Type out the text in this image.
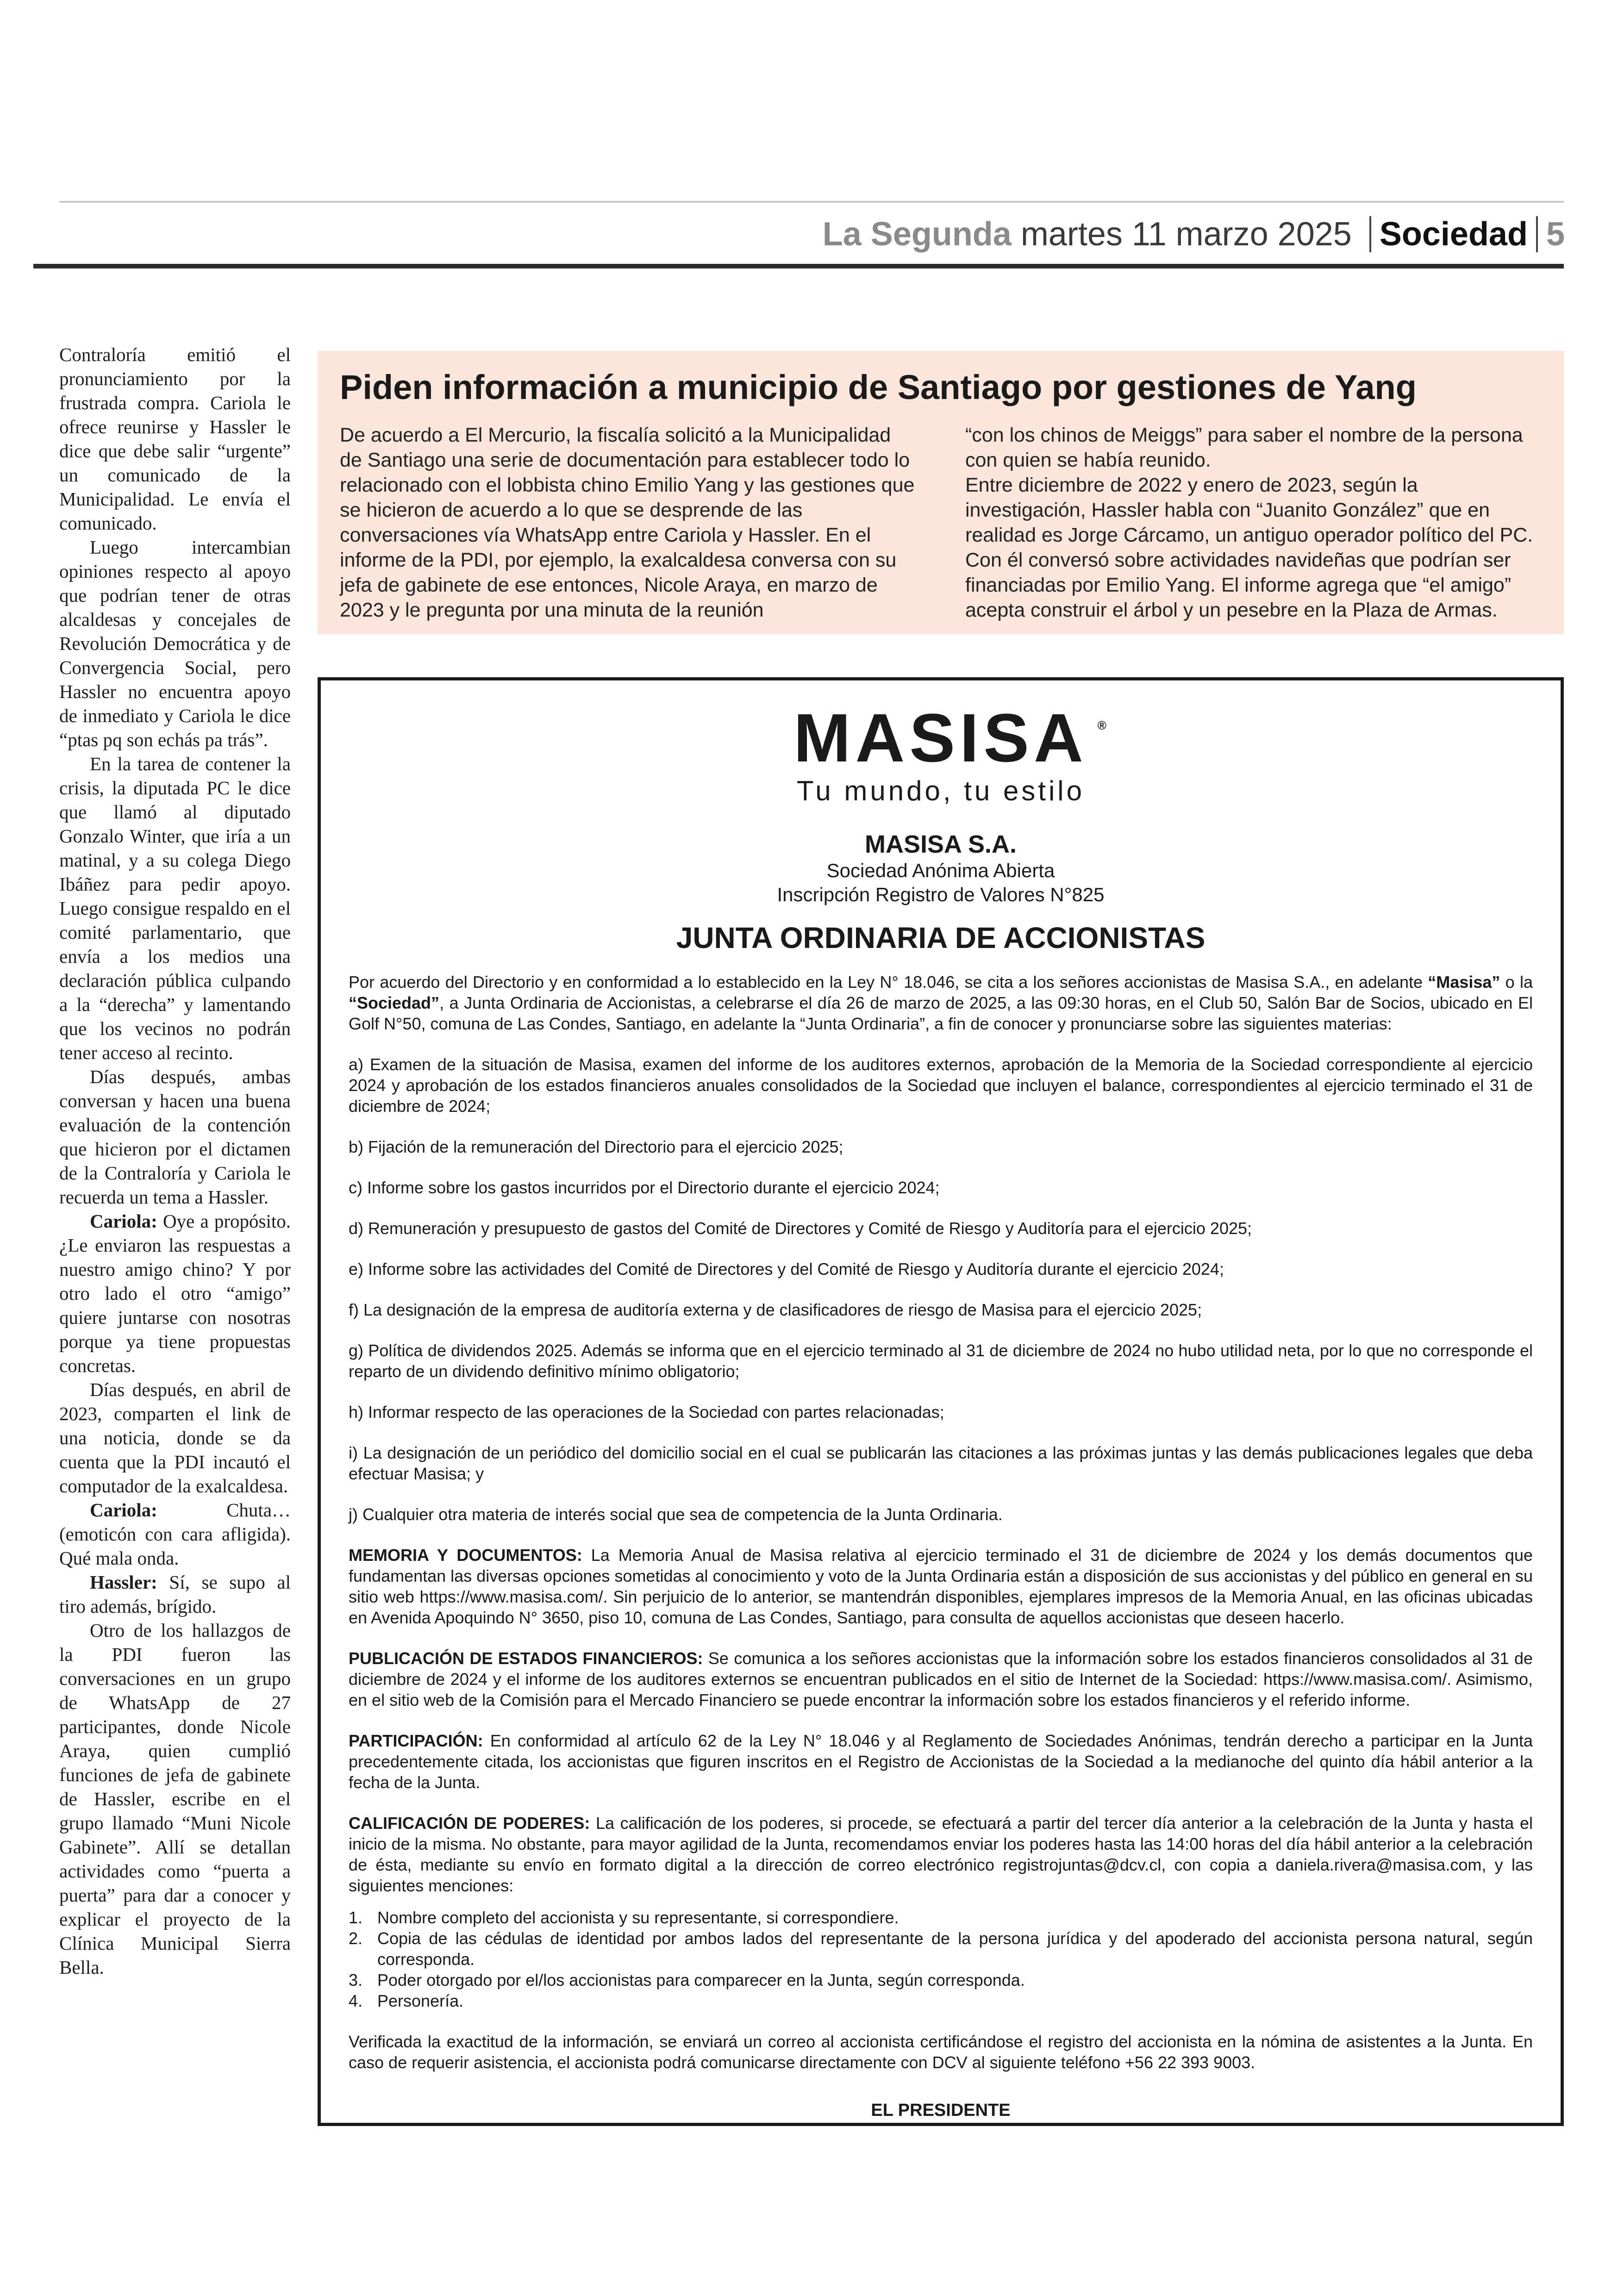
La Segunda martes 11 marzo 2025 Sociedad 5

Contraloría emitió el pronunciamiento por la frustrada compra. Cariola le ofrece reunirse y Hassler le dice que debe salir “urgente” un comunicado de la Municipalidad. Le envía el comunicado.

Luego intercambian opiniones respecto al apoyo que podrían tener de otras alcaldesas y concejales de Revolución Democrática y de Convergencia Social, pero Hassler no encuentra apoyo de inmediato y Cariola le dice “ptas pq son echás pa trás”.

En la tarea de contener la crisis, la diputada PC le dice que llamó al diputado Gonzalo Winter, que iría a un matinal, y a su colega Diego Ibáñez para pedir apoyo. Luego consigue respaldo en el comité parlamentario, que envía a los medios una declaración pública culpando a la “derecha” y lamentando que los vecinos no podrán tener acceso al recinto.

Días después, ambas conversan y hacen una buena evaluación de la contención que hicieron por el dictamen de la Contraloría y Cariola le recuerda un tema a Hassler.

Cariola: Oye a propósito. ¿Le enviaron las respuestas a nuestro amigo chino? Y por otro lado el otro “amigo” quiere juntarse con nosotras porque ya tiene propuestas concretas.

Días después, en abril de 2023, comparten el link de una noticia, donde se da cuenta que la PDI incautó el computador de la exalcaldesa.

Cariola: Chuta… (emoticón con cara afligida). Qué mala onda.

Hassler: Sí, se supo al tiro además, brígido.

Otro de los hallazgos de la PDI fueron las conversaciones en un grupo de WhatsApp de 27 participantes, donde Nicole Araya, quien cumplió funciones de jefa de gabinete de Hassler, escribe en el grupo llamado “Muni Nicole Gabinete”. Allí se detallan actividades como “puerta a puerta” para dar a conocer y explicar el proyecto de la Clínica Municipal Sierra Bella.

Piden información a municipio de Santiago por gestiones de Yang

De acuerdo a El Mercurio, la fiscalía solicitó a la Municipalidad de Santiago una serie de documentación para establecer todo lo relacionado con el lobbista chino Emilio Yang y las gestiones que se hicieron de acuerdo a lo que se desprende de las conversaciones vía WhatsApp entre Cariola y Hassler. En el informe de la PDI, por ejemplo, la exalcaldesa conversa con su jefa de gabinete de ese entonces, Nicole Araya, en marzo de 2023 y le pregunta por una minuta de la reunión

“con los chinos de Meiggs” para saber el nombre de la persona con quien se había reunido.

Entre diciembre de 2022 y enero de 2023, según la investigación, Hassler habla con “Juanito González” que en realidad es Jorge Cárcamo, un antiguo operador político del PC. Con él conversó sobre actividades navideñas que podrían ser financiadas por Emilio Yang. El informe agrega que “el amigo” acepta construir el árbol y un pesebre en la Plaza de Armas.

MASISA ®
Tu mundo, tu estilo
MASISA S.A.
Sociedad Anónima Abierta
Inscripción Registro de Valores N°825
JUNTA ORDINARIA DE ACCIONISTAS

Por acuerdo del Directorio y en conformidad a lo establecido en la Ley N° 18.046, se cita a los señores accionistas de Masisa S.A., en adelante “Masisa” o la “Sociedad”, a Junta Ordinaria de Accionistas, a celebrarse el día 26 de marzo de 2025, a las 09:30 horas, en el Club 50, Salón Bar de Socios, ubicado en El Golf N°50, comuna de Las Condes, Santiago, en adelante la “Junta Ordinaria”, a fin de conocer y pronunciarse sobre las siguientes materias:

a) Examen de la situación de Masisa, examen del informe de los auditores externos, aprobación de la Memoria de la Sociedad correspondiente al ejercicio 2024 y aprobación de los estados financieros anuales consolidados de la Sociedad que incluyen el balance, correspondientes al ejercicio terminado el 31 de diciembre de 2024;

b) Fijación de la remuneración del Directorio para el ejercicio 2025;

c) Informe sobre los gastos incurridos por el Directorio durante el ejercicio 2024;

d) Remuneración y presupuesto de gastos del Comité de Directores y Comité de Riesgo y Auditoría para el ejercicio 2025;

e) Informe sobre las actividades del Comité de Directores y del Comité de Riesgo y Auditoría durante el ejercicio 2024;

f) La designación de la empresa de auditoría externa y de clasificadores de riesgo de Masisa para el ejercicio 2025;

g) Política de dividendos 2025. Además se informa que en el ejercicio terminado al 31 de diciembre de 2024 no hubo utilidad neta, por lo que no corresponde el reparto de un dividendo definitivo mínimo obligatorio;

h) Informar respecto de las operaciones de la Sociedad con partes relacionadas;

i) La designación de un periódico del domicilio social en el cual se publicarán las citaciones a las próximas juntas y las demás publicaciones legales que deba efectuar Masisa; y

j) Cualquier otra materia de interés social que sea de competencia de la Junta Ordinaria.

MEMORIA Y DOCUMENTOS: La Memoria Anual de Masisa relativa al ejercicio terminado el 31 de diciembre de 2024 y los demás documentos que fundamentan las diversas opciones sometidas al conocimiento y voto de la Junta Ordinaria están a disposición de sus accionistas y del público en general en su sitio web https://www.masisa.com/. Sin perjuicio de lo anterior, se mantendrán disponibles, ejemplares impresos de la Memoria Anual, en las oficinas ubicadas en Avenida Apoquindo N° 3650, piso 10, comuna de Las Condes, Santiago, para consulta de aquellos accionistas que deseen hacerlo.

PUBLICACIÓN DE ESTADOS FINANCIEROS: Se comunica a los señores accionistas que la información sobre los estados financieros consolidados al 31 de diciembre de 2024 y el informe de los auditores externos se encuentran publicados en el sitio de Internet de la Sociedad: https://www.masisa.com/. Asimismo, en el sitio web de la Comisión para el Mercado Financiero se puede encontrar la información sobre los estados financieros y el referido informe.

PARTICIPACIÓN: En conformidad al artículo 62 de la Ley N° 18.046 y al Reglamento de Sociedades Anónimas, tendrán derecho a participar en la Junta precedentemente citada, los accionistas que figuren inscritos en el Registro de Accionistas de la Sociedad a la medianoche del quinto día hábil anterior a la fecha de la Junta.

CALIFICACIÓN DE PODERES: La calificación de los poderes, si procede, se efectuará a partir del tercer día anterior a la celebración de la Junta y hasta el inicio de la misma. No obstante, para mayor agilidad de la Junta, recomendamos enviar los poderes hasta las 14:00 horas del día hábil anterior a la celebración de ésta, mediante su envío en formato digital a la dirección de correo electrónico registrojuntas@dcv.cl, con copia a daniela.rivera@masisa.com, y las siguientes menciones:

1. Nombre completo del accionista y su representante, si correspondiere.
2. Copia de las cédulas de identidad por ambos lados del representante de la persona jurídica y del apoderado del accionista persona natural, según corresponda.
3. Poder otorgado por el/los accionistas para comparecer en la Junta, según corresponda.
4. Personería.

Verificada la exactitud de la información, se enviará un correo al accionista certificándose el registro del accionista en la nómina de asistentes a la Junta. En caso de requerir asistencia, el accionista podrá comunicarse directamente con DCV al siguiente teléfono +56 22 393 9003.

EL PRESIDENTE
